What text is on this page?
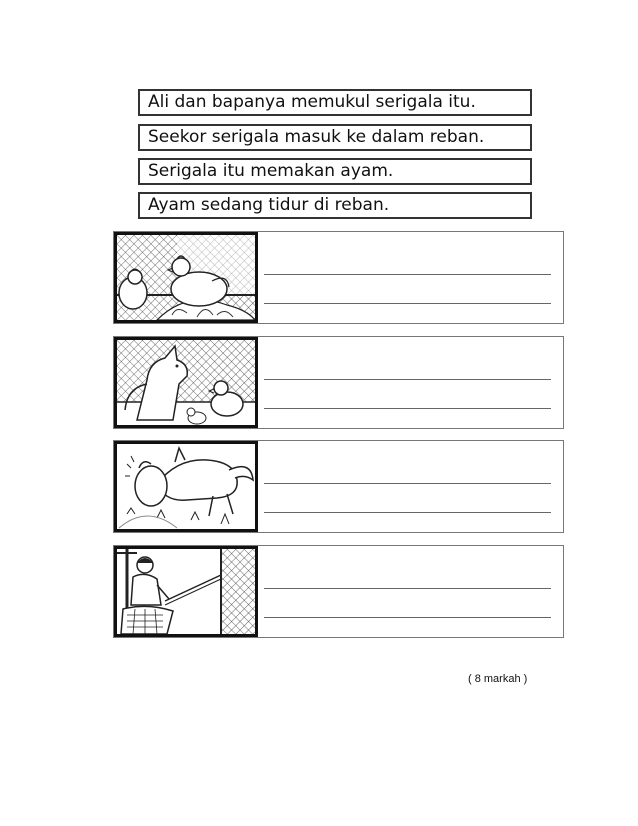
Ali dan bapanya memukul serigala itu.
Seekor serigala masuk ke dalam reban.
Serigala itu memakan ayam.
Ayam sedang tidur di reban.
( 8 markah )
